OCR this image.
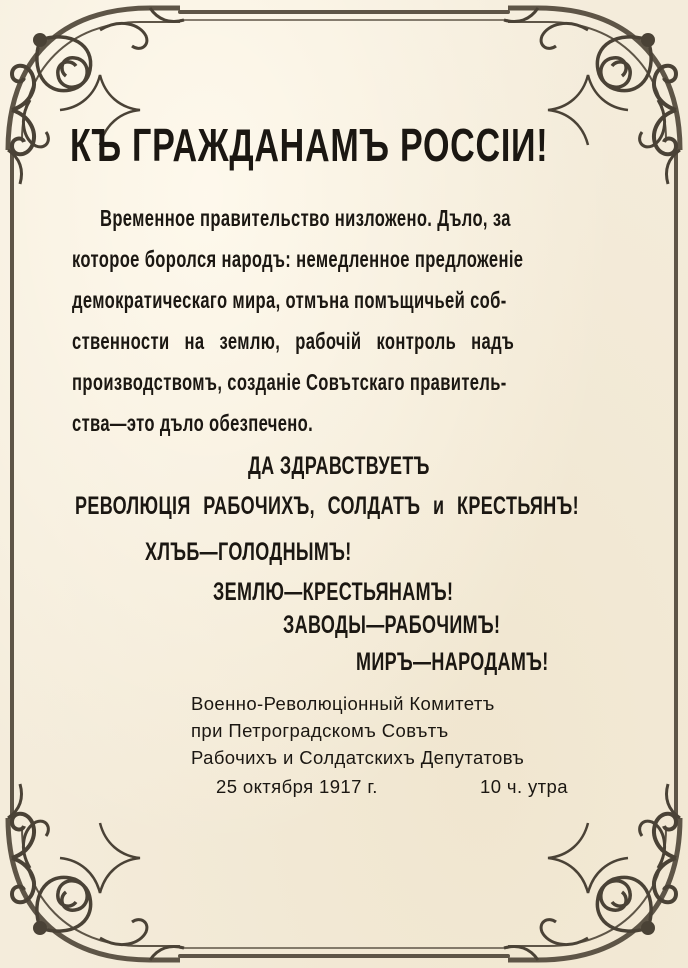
КЪ ГРАЖДАНАМЪ РОССІИ!
Временное правительство низложено. Дъло, за
которое боролся народъ: немедленное предложеніе
демократическаго мира, отмъна помъщичьей соб-
ственности на землю, рабочій контроль надъ
производствомъ, созданіе Совътскаго правитель-
ства—это дъло обезпечено.
ДА ЗДРАВСТВУЕТЪ
РЕВОЛЮЦІЯ РАБОЧИХЪ, СОЛДАТЪ и КРЕСТЬЯНЪ!
ХЛЪБ—ГОЛОДНЫМЪ!
ЗЕМЛЮ—КРЕСТЬЯНАМЪ!
ЗАВОДЫ—РАБОЧИМЪ!
МИРЪ—НАРОДАМЪ!
Военно-Революціонный Комитетъ
при Петроградскомъ Совътъ
Рабочихъ и Солдатскихъ Депутатовъ
25 октября 1917 г.	10 ч. утра
